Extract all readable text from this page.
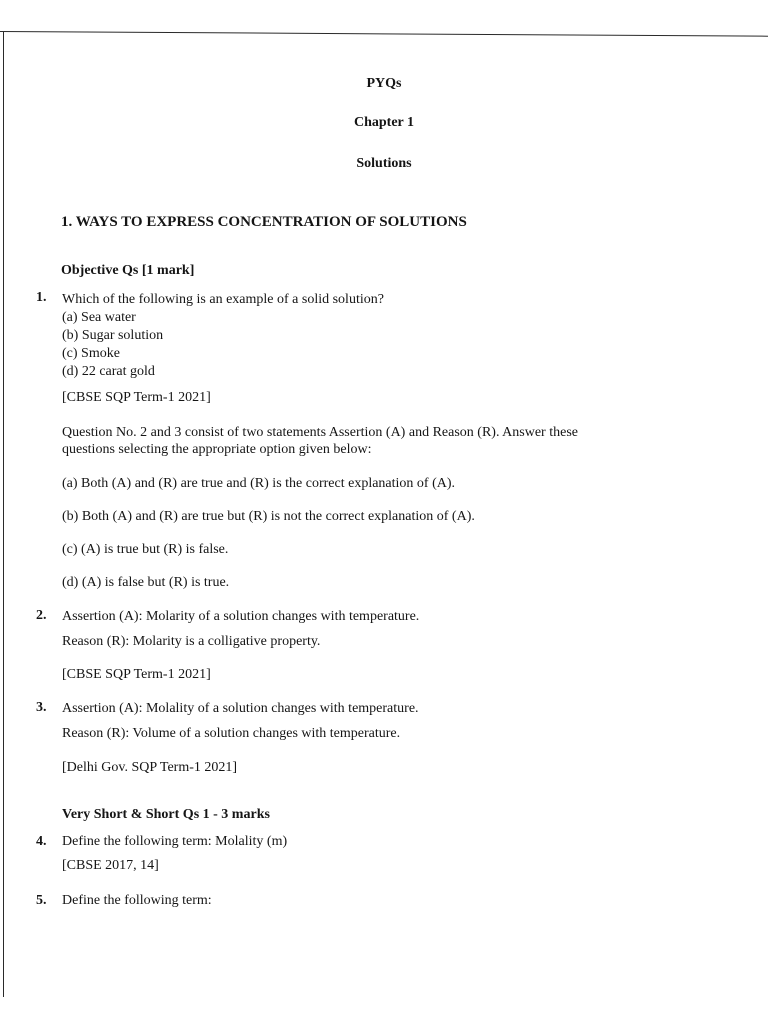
PYQs
Chapter 1
Solutions
1. WAYS TO EXPRESS CONCENTRATION OF SOLUTIONS
Objective Qs [1 mark]
1. Which of the following is an example of a solid solution?
(a) Sea water
(b) Sugar solution
(c) Smoke
(d) 22 carat gold
[CBSE SQP Term-1 2021]
Question No. 2 and 3 consist of two statements Assertion (A) and Reason (R). Answer these
questions selecting the appropriate option given below:
(a) Both (A) and (R) are true and (R) is the correct explanation of (A).
(b) Both (A) and (R) are true but (R) is not the correct explanation of (A).
(c) (A) is true but (R) is false.
(d) (A) is false but (R) is true.
2. Assertion (A): Molarity of a solution changes with temperature.
Reason (R): Molarity is a colligative property.
[CBSE SQP Term-1 2021]
3. Assertion (A): Molality of a solution changes with temperature.
Reason (R): Volume of a solution changes with temperature.
[Delhi Gov. SQP Term-1 2021]
Very Short & Short Qs 1 - 3 marks
4. Define the following term: Molality (m)
[CBSE 2017, 14]
5. Define the following term:
